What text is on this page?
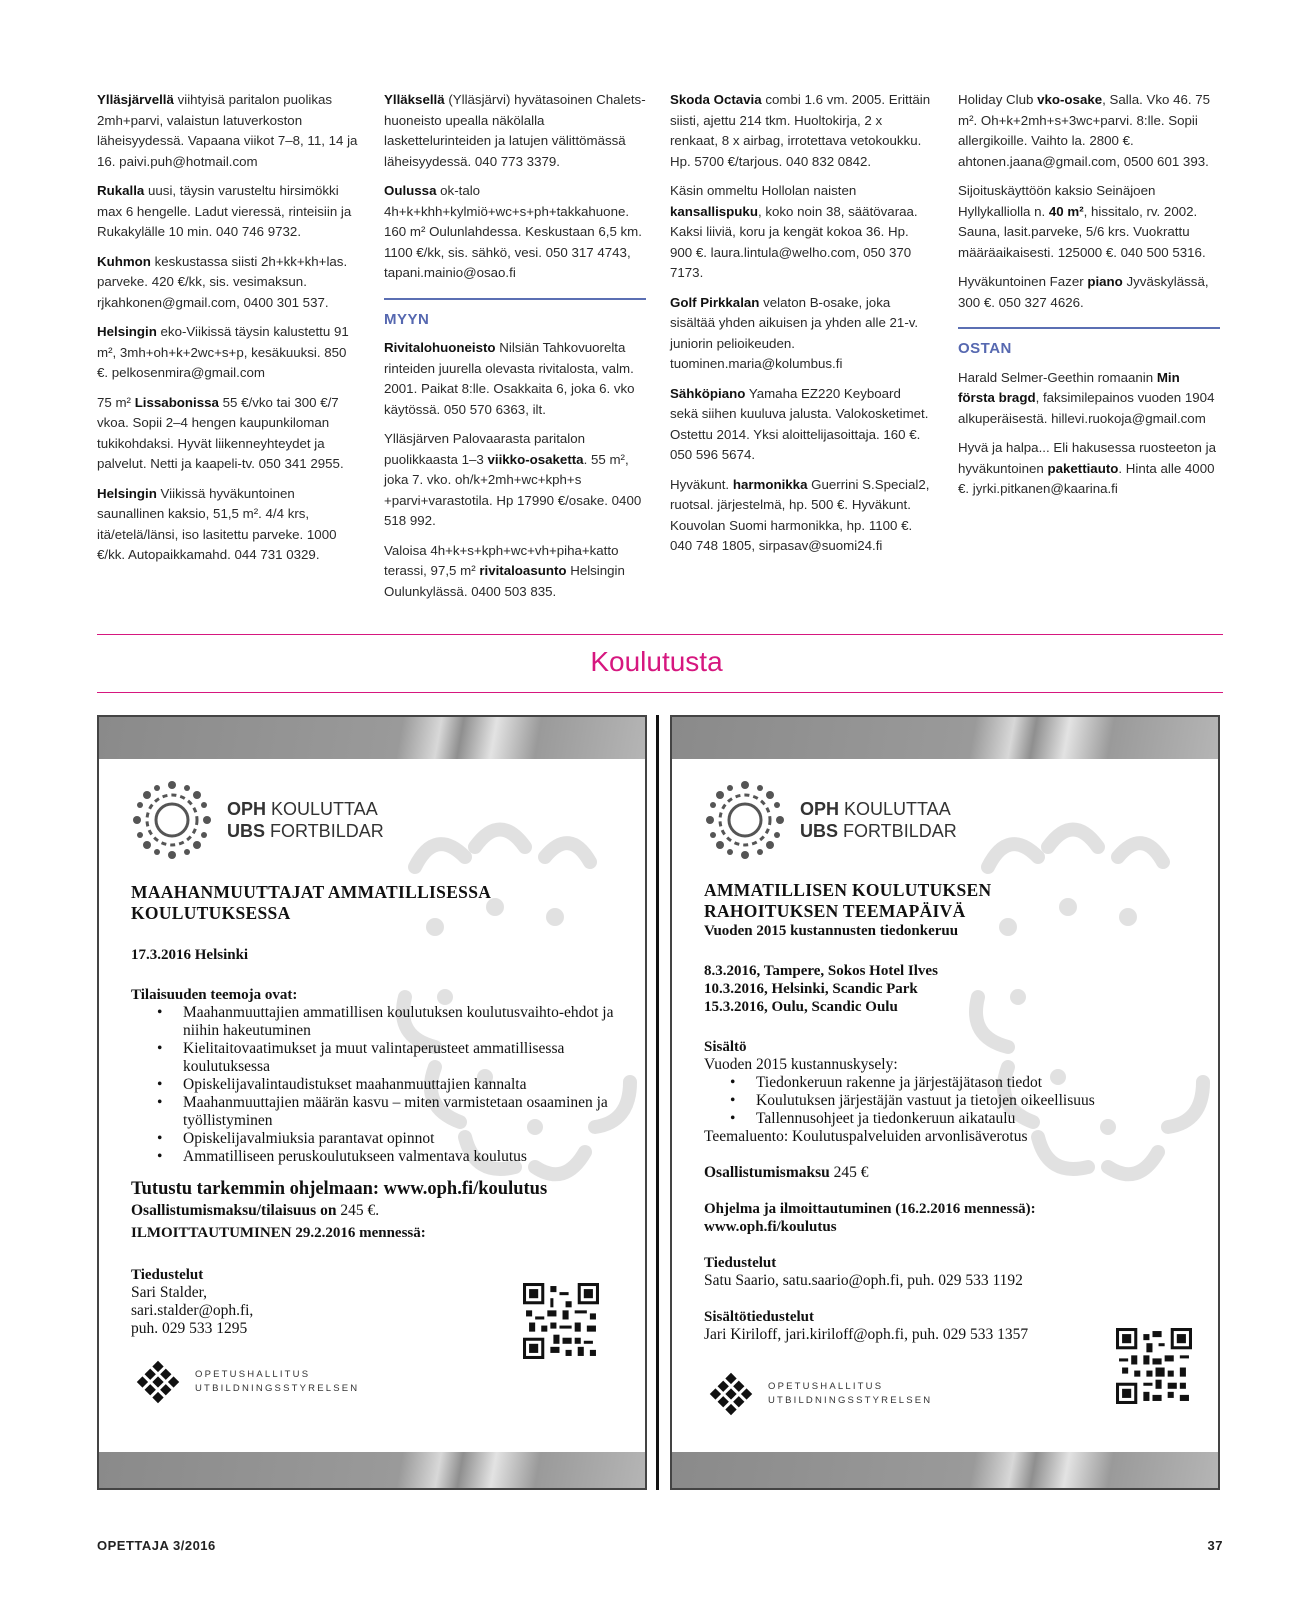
Ylläsjärvellä viihtyisä paritalon puolikas 2mh+parvi, valaistun latuverkoston läheisyydessä. Vapaana viikot 7–8, 11, 14 ja 16. paivi.puh@hotmail.com

Rukalla uusi, täysin varusteltu hirsimökki max 6 hengelle. Ladut vieressä, rinteisiin ja Rukakylälle 10 min. 040 746 9732.

Kuhmon keskustassa siisti 2h+kk+kh+las. parveke. 420 €/kk, sis. vesimaksun. rjkahkonen@gmail.com, 0400 301 537.

Helsingin eko-Viikissä täysin kalustettu 91 m², 3mh+oh+k+2wc+s+p, kesäkuuksi. 850 €. pelkosenmira@gmail.com

75 m² Lissabonissa 55 €/vko tai 300 €/7 vkoa. Sopii 2–4 hengen kaupunkiloman tukikohdaksi. Hyvät liikenneyhteydet ja palvelut. Netti ja kaapeli-tv. 050 341 2955.

Helsingin Viikissä hyväkuntoinen saunallinen kaksio, 51,5 m². 4/4 krs, itä/etelä/länsi, iso lasitettu parveke. 1000 €/kk. Autopaikkamahd. 044 731 0329.

Ylläksellä (Ylläsjärvi) hyvätasoinen Chalets-huoneisto upealla näkölalla laskettelurinteiden ja latujen välittömässä läheisyydessä. 040 773 3379.

Oulussa ok-talo 4h+k+khh+kylmiö+wc+s+ph+takkahuone. 160 m² Oulunlahdessa. Keskustaan 6,5 km. 1100 €/kk, sis. sähkö, vesi. 050 317 4743, tapani.mainio@osao.fi

MYYN

Rivitalohuoneisto Nilsiän Tahkovuorelta rinteiden juurella olevasta rivitalosta, valm. 2001. Paikat 8:lle. Osakkaita 6, joka 6. vko käytössä. 050 570 6363, ilt.

Ylläsjärven Palovaarasta paritalon puolikkaasta 1–3 viikko-osaketta. 55 m², joka 7. vko. oh/k+2mh+wc+kph+s +parvi+varastotila. Hp 17990 €/osake. 0400 518 992.

Valoisa 4h+k+s+kph+wc+vh+piha+katto terassi, 97,5 m² rivitaloasunto Helsingin Oulunkylässä. 0400 503 835.

Skoda Octavia combi 1.6 vm. 2005. Erittäin siisti, ajettu 214 tkm. Huoltokirja, 2 x renkaat, 8 x airbag, irrotettava vetokoukku. Hp. 5700 €/tarjous. 040 832 0842.

Käsin ommeltu Hollolan naisten kansallispuku, koko noin 38, säätövaraa. Kaksi liiviä, koru ja kengät kokoa 36. Hp. 900 €. laura.lintula@welho.com, 050 370 7173.

Golf Pirkkalan velaton B-osake, joka sisältää yhden aikuisen ja yhden alle 21-v. juniorin pelioikeuden. tuominen.maria@kolumbus.fi

Sähköpiano Yamaha EZ220 Keyboard sekä siihen kuuluva jalusta. Valokosketimet. Ostettu 2014. Yksi aloittelijasoittaja. 160 €. 050 596 5674.

Hyväkunt. harmonikka Guerrini S.Special2, ruotsal. järjestelmä, hp. 500 €. Hyväkunt. Kouvolan Suomi harmonikka, hp. 1100 €. 040 748 1805, sirpasav@suomi24.fi

Holiday Club vko-osake, Salla. Vko 46. 75 m². Oh+k+2mh+s+3wc+parvi. 8:lle. Sopii allergikoille. Vaihto la. 2800 €. ahtonen.jaana@gmail.com, 0500 601 393.

Sijoituskäyttöön kaksio Seinäjoen Hyllykalliolla n. 40 m², hissitalo, rv. 2002. Sauna, lasit.parveke, 5/6 krs. Vuokrattu määräaikaisesti. 125000 €. 040 500 5316.

Hyväkuntoinen Fazer piano Jyväskylässä, 300 €. 050 327 4626.

OSTAN

Harald Selmer-Geethin romaanin Min första bragd, faksimilepainos vuoden 1904 alkuperäisestä. hillevi.ruokoja@gmail.com

Hyvä ja halpa... Eli hakusessa ruosteeton ja hyväkuntoinen pakettiauto. Hinta alle 4000 €. jyrki.pitkanen@kaarina.fi

Koulutusta
OPH KOULUTTAA
UBS FORTBILDAR
MAAHANMUUTTAJAT AMMATILLISESSA
KOULUTUKSESSA
17.3.2016 Helsinki
Tilaisuuden teemoja ovat:
• Maahanmuuttajien ammatillisen koulutuksen koulutusvaihto-ehdot ja niihin hakeutuminen
• Kielitaitovaatimukset ja muut valintaperusteet ammatillisessa koulutuksessa
• Opiskelijavalintaudistukset maahanmuuttajien kannalta
• Maahanmuuttajien määrän kasvu – miten varmistetaan osaaminen ja työllistyminen
• Opiskelijavalmiuksia parantavat opinnot
• Ammatilliseen peruskoulutukseen valmentava koulutus
Tutustu tarkemmin ohjelmaan: www.oph.fi/koulutus
Osallistumismaksu/tilaisuus on 245 €.
ILMOITTAUTUMINEN 29.2.2016 mennessä:
Tiedustelut
Sari Stalder,
sari.stalder@oph.fi,
puh. 029 533 1295
OPETUSHALLITUS
UTBILDNINGSSTYRELSEN
OPH KOULUTTAA
UBS FORTBILDAR
AMMATILLISEN KOULUTUKSEN
RAHOITUKSEN TEEMAPÄIVÄ
Vuoden 2015 kustannusten tiedonkeruu
8.3.2016, Tampere, Sokos Hotel Ilves
10.3.2016, Helsinki, Scandic Park
15.3.2016, Oulu, Scandic Oulu
Sisältö
Vuoden 2015 kustannuskysely:
• Tiedonkeruun rakenne ja järjestäjätason tiedot
• Koulutuksen järjestäjän vastuut ja tietojen oikeellisuus
• Tallennusohjeet ja tiedonkeruun aikataulu
Teemaluento: Koulutuspalveluiden arvonlisäverotus
Osallistumismaksu 245 €
Ohjelma ja ilmoittautuminen (16.2.2016 mennessä):
www.oph.fi/koulutus
Tiedustelut
Satu Saario, satu.saario@oph.fi, puh. 029 533 1192
Sisältötiedustelut
Jari Kiriloff, jari.kiriloff@oph.fi, puh. 029 533 1357
OPETUSHALLITUS
UTBILDNINGSSTYRELSEN
OPETTAJA 3/2016	37
